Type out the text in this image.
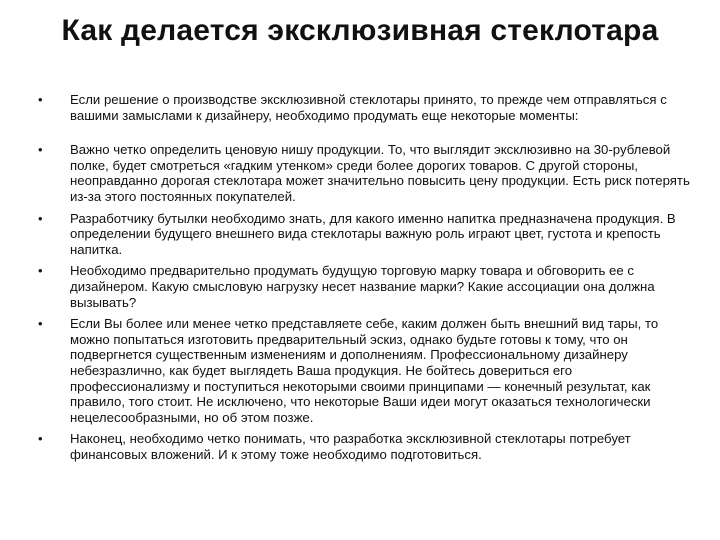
Как делается эксклюзивная стеклотара
• Если решение о производстве эксклюзивной стеклотары принято, то прежде чем отправляться с вашими замыслами к дизайнеру, необходимо продумать еще некоторые моменты:
• Важно четко определить ценовую нишу продукции. То, что выглядит эксклюзивно на 30-рублевой полке, будет смотреться «гадким утенком» среди более дорогих товаров. С другой стороны, неоправданно дорогая стеклотара может значительно повысить цену продукции. Есть риск потерять из-за этого постоянных покупателей.
• Разработчику бутылки необходимо знать, для какого именно напитка предназначена продукция. В определении будущего внешнего вида стеклотары важную роль играют цвет, густота и крепость напитка.
• Необходимо предварительно продумать будущую торговую марку товара и обговорить ее с дизайнером. Какую смысловую нагрузку несет название марки? Какие ассоциации она должна вызывать?
• Если Вы более или менее четко представляете себе, каким должен быть внешний вид тары, то можно попытаться изготовить предварительный эскиз, однако будьте готовы к тому, что он подвергнется существенным изменениям и дополнениям. Профессиональному дизайнеру небезразлично, как будет выглядеть Ваша продукция. Не бойтесь довериться его профессионализму и поступиться некоторыми своими принципами — конечный результат, как правило, того стоит. Не исключено, что некоторые Ваши идеи могут оказаться технологически нецелесообразными, но об этом позже.
• Наконец, необходимо четко понимать, что разработка эксклюзивной стеклотары потребует финансовых вложений. И к этому тоже необходимо подготовиться.
